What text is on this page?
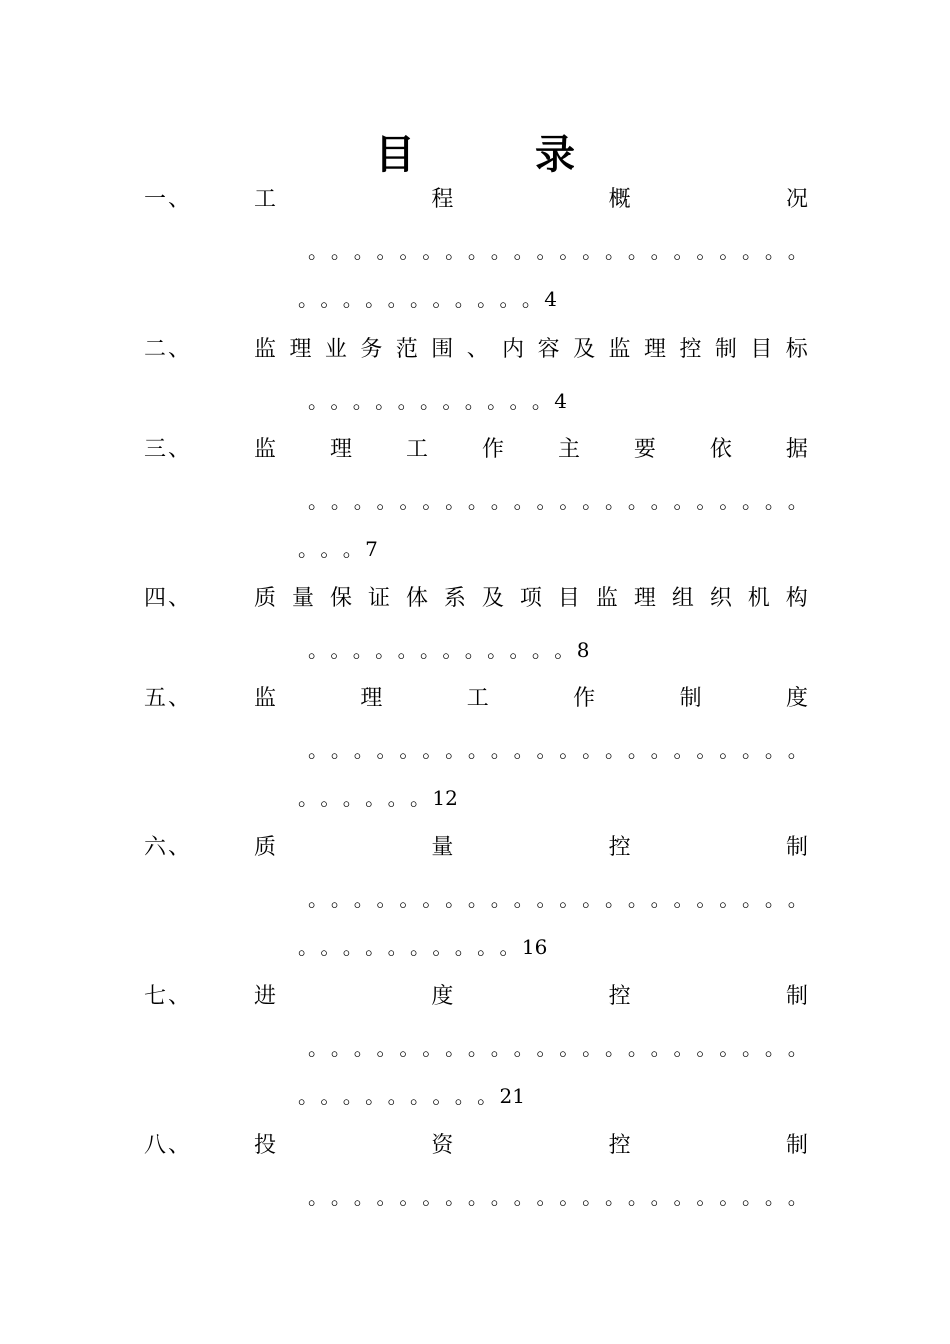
目	录
一、	工	程	概	况
。 。 。 。 。 。 。 。 。 。 。 。 。 。 。 。 。 。 。 。 。 。
。 。 。 。 。 。 。 。 。 。 。 4
二、	监 理 业 务 范 围 、 内 容 及 监 理 控 制 目 标
。 。 。 。 。 。 。 。 。 。 。 4
三、	监 理 工 作 主 要 依 据
。 。 。 。 。 。 。 。 。 。 。 。 。 。 。 。 。 。 。 。 。 。
。 。 。 7
四、	质 量 保 证 体 系 及 项 目 监 理 组 织 机 构
。 。 。 。 。 。 。 。 。 。 。 。 8
五、	监	理	工	作	制	度
。 。 。 。 。 。 。 。 。 。 。 。 。 。 。 。 。 。 。 。 。 。
。 。 。 。 。 。 12
六、	质	量	控	制
。 。 。 。 。 。 。 。 。 。 。 。 。 。 。 。 。 。 。 。 。 。
。 。 。 。 。 。 。 。 。 。 16
七、	进	度	控	制
。 。 。 。 。 。 。 。 。 。 。 。 。 。 。 。 。 。 。 。 。 。
。 。 。 。 。 。 。 。 。 21
八、	投	资	控	制
。 。 。 。 。 。 。 。 。 。 。 。 。 。 。 。 。 。 。 。 。 。
